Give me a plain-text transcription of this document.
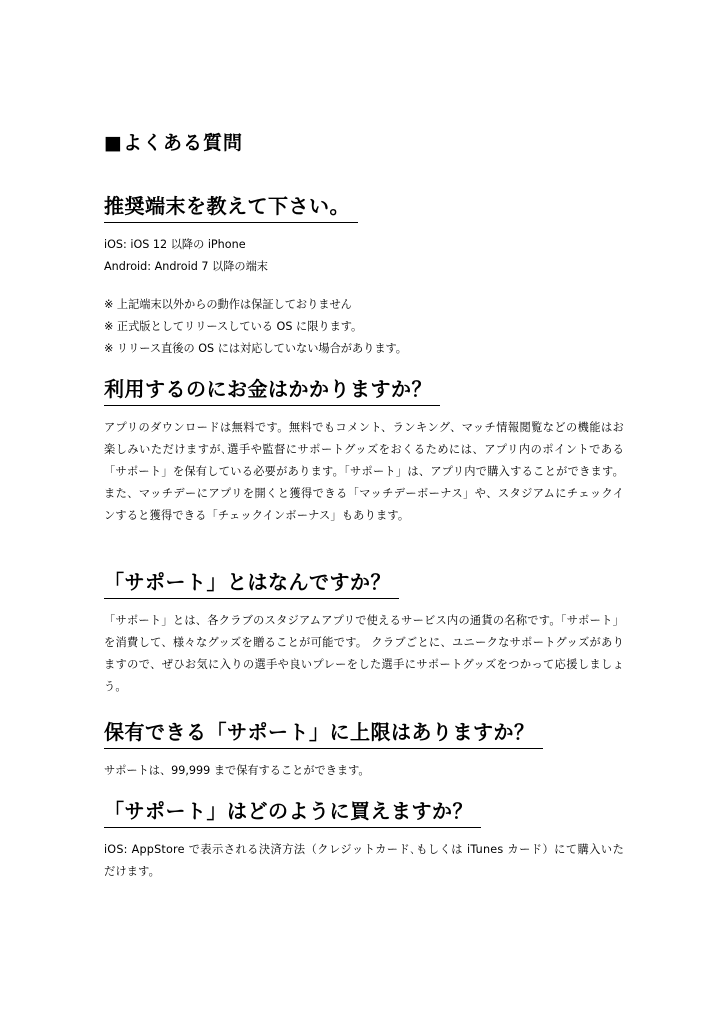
■よくある質問
推奨端末を教えて下さい。

iOS: iOS 12 以降の iPhone

Android: Android 7 以降の端末

※ 上記端末以外からの動作は保証しておりません

※ 正式版としてリリースしている OS に限ります。

※ リリース直後の OS には対応していない場合があります。

利用するのにお金はかかりますか？
アプリのダウンロードは無料です。無料でもコメント、ランキング、マッチ情報閲覧などの機能はお楽しみいただけますが､選手や監督にサポートグッズをおくるためには、アプリ内のポイントである「サポート」を保有している必要があります。「サポート」は、アプリ内で購入することができます。また、マッチデーにアプリを開くと獲得できる「マッチデーボーナス」や、スタジアムにチェックインすると獲得できる「チェックインボーナス」もあります。
「サポート」とはなんですか？
「サポート」とは、各クラブのスタジアムアプリで使えるサービス内の通貨の名称です。「サポート」を消費して、様々なグッズを贈ることが可能です。 クラブごとに、ユニークなサポートグッズがありますので、ぜひお気に入りの選手や良いプレーをした選手にサポートグッズをつかって応援しましょう。
保有できる「サポート」に上限はありますか？
サポートは、99,999 まで保有することができます。
「サポート」はどのように買えますか？
iOS: AppStore で表示される決済方法（クレジットカード､もしくは iTunes カード）にて購入いただけます。
